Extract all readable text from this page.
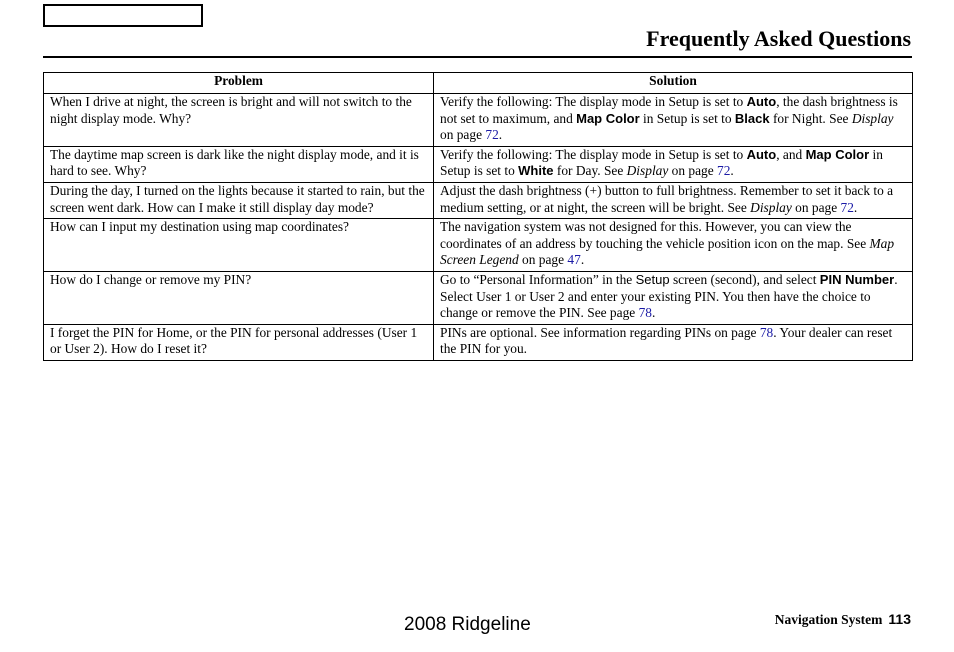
Frequently Asked Questions
Problem	Solution
When I drive at night, the screen is bright and will not switch to the night display mode. Why?	Verify the following: The display mode in Setup is set to Auto, the dash brightness is not set to maximum, and Map Color in Setup is set to Black for Night. See Display on page 72.
The daytime map screen is dark like the night display mode, and it is hard to see. Why?	Verify the following: The display mode in Setup is set to Auto, and Map Color in Setup is set to White for Day. See Display on page 72.
During the day, I turned on the lights because it started to rain, but the screen went dark. How can I make it still display day mode?	Adjust the dash brightness (+) button to full brightness. Remember to set it back to a medium setting, or at night, the screen will be bright. See Display on page 72.
How can I input my destination using map coordinates?	The navigation system was not designed for this. However, you can view the coordinates of an address by touching the vehicle position icon on the map. See Map Screen Legend on page 47.
How do I change or remove my PIN?	Go to “Personal Information” in the Setup screen (second), and select PIN Number. Select User 1 or User 2 and enter your existing PIN. You then have the choice to change or remove the PIN. See page 78.
I forget the PIN for Home, or the PIN for personal addresses (User 1 or User 2). How do I reset it?	PINs are optional. See information regarding PINs on page 78. Your dealer can reset the PIN for you.
2008 Ridgeline	Navigation System 113
